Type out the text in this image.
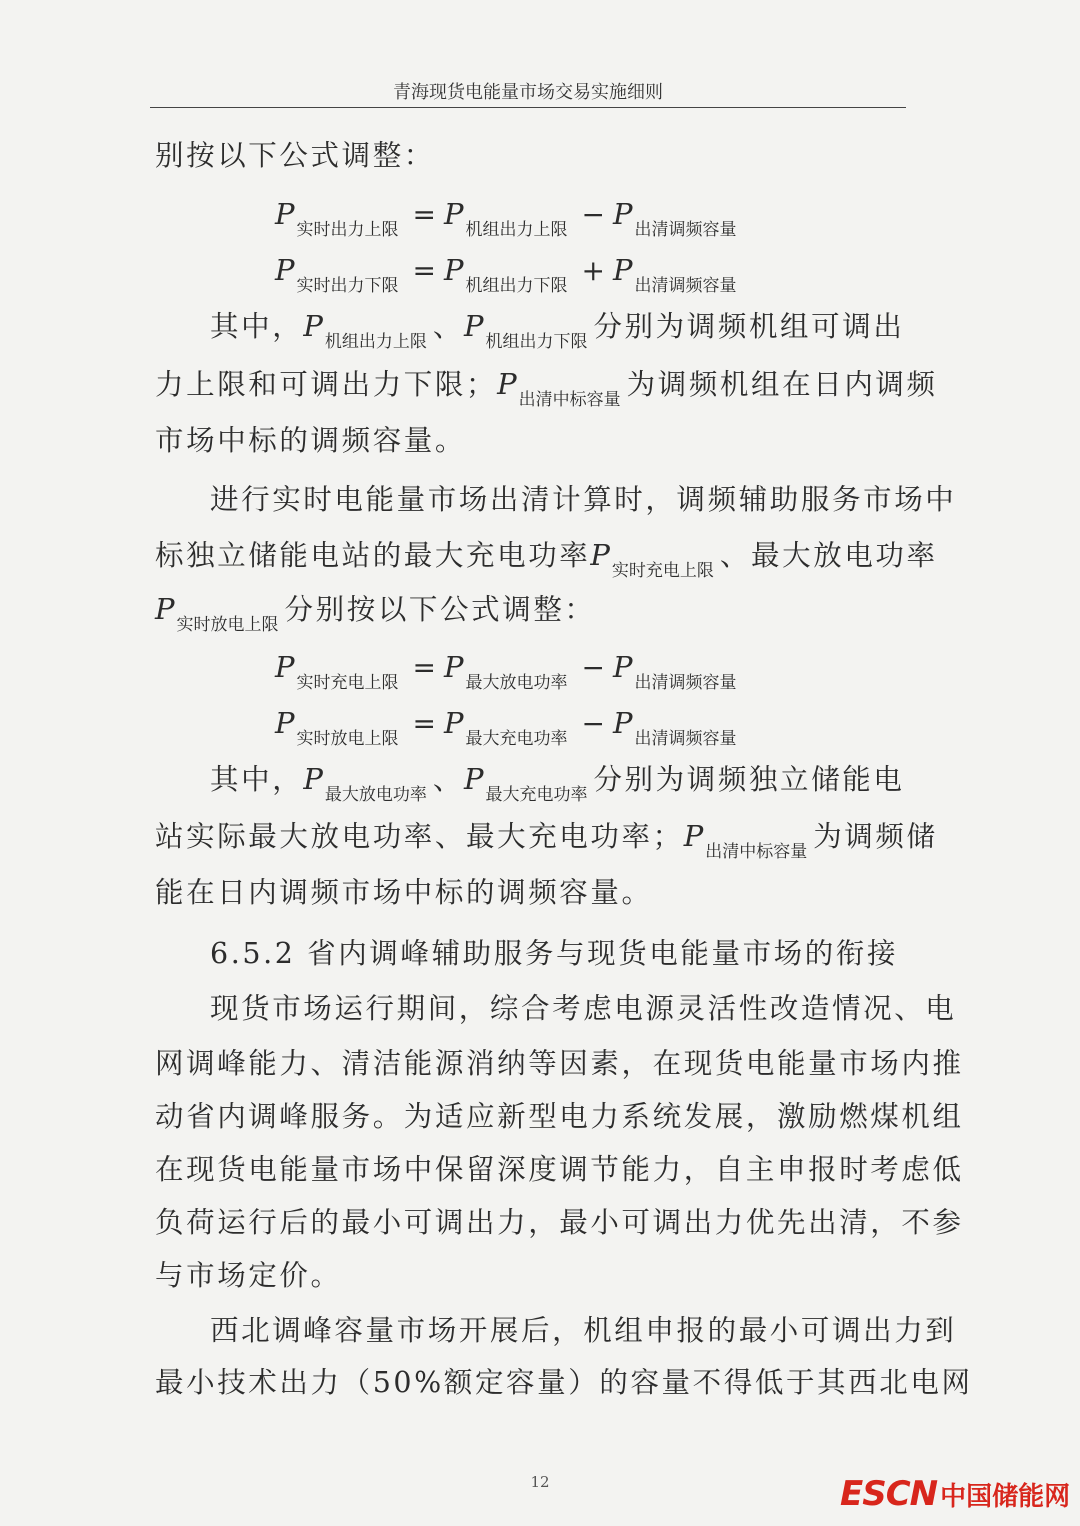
青海现货电能量市场交易实施细则
别按以下公式调整：
P $_{实时出力上限}$ = P $_{机组出力上限}$ − P $_{出清调频容量}$
P $_{实时出力下限}$ = P $_{机组出力下限}$ + P $_{出清调频容量}$
其中，P $_{机组出力上限}$ 、P $_{机组出力下限}$ 分别为调频机组可调出
力上限和可调出力下限；P $_{出清中标容量}$ 为调频机组在日内调频
市场中标的调频容量。
进行实时电能量市场出清计算时，调频辅助服务市场中
标独立储能电站的最大充电功率P $_{实时充电上限}$ 、最大放电功率
P $_{实时放电上限}$ 分别按以下公式调整：
P $_{实时充电上限}$ = P $_{最大放电功率}$ − P $_{出清调频容量}$
P $_{实时放电上限}$ = P $_{最大充电功率}$ − P $_{出清调频容量}$
其中，P $_{最大放电功率}$ 、P $_{最大充电功率}$ 分别为调频独立储能电
站实际最大放电功率、最大充电功率；P $_{出清中标容量}$ 为调频储
能在日内调频市场中标的调频容量。
6.5.2 省内调峰辅助服务与现货电能量市场的衔接
现货市场运行期间，综合考虑电源灵活性改造情况、电
网调峰能力、清洁能源消纳等因素，在现货电能量市场内推
动省内调峰服务。为适应新型电力系统发展，激励燃煤机组
在现货电能量市场中保留深度调节能力，自主申报时考虑低
负荷运行后的最小可调出力，最小可调出力优先出清，不参
与市场定价。
西北调峰容量市场开展后，机组申报的最小可调出力到
最小技术出力（50%额定容量）的容量不得低于其西北电网
12	ESCN 中国储能网
